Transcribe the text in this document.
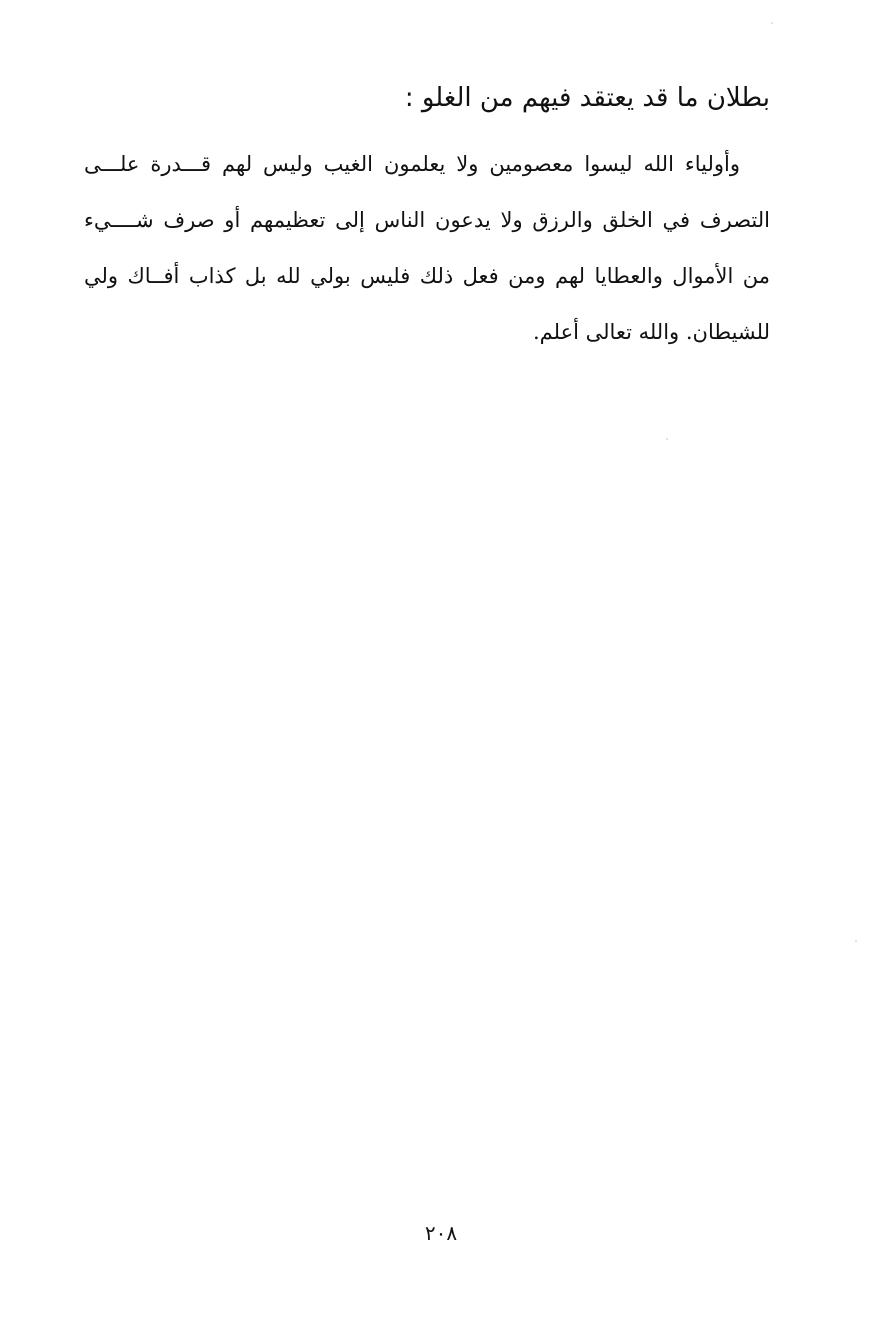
بطلان ما قد يعتقد فيهم من الغلو :
وأولياء الله ليسوا معصومين ولا يعلمون الغيب وليس لهم قـــدرة علـــى
التصرف في الخلق والرزق ولا يدعون الناس إلى تعظيمهم أو صرف شــــيء
من الأموال والعطايا لهم ومن فعل ذلك فليس بولي لله بل كذاب أفــاك ولي
للشيطان. والله تعالى أعلم.
٢٠٨
